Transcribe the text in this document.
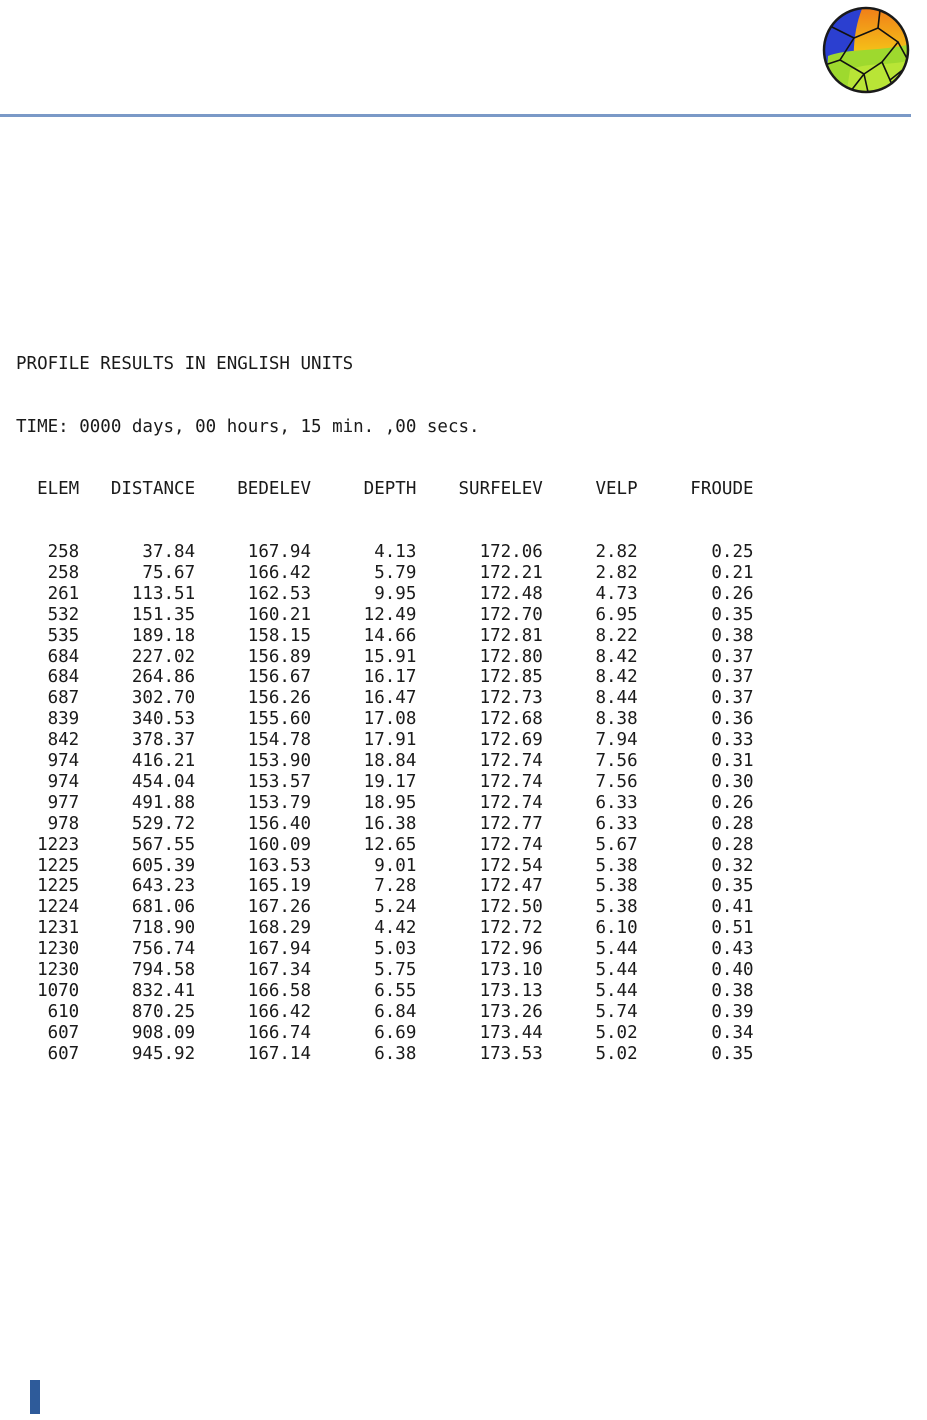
PROFILE RESULTS IN ENGLISH UNITS

TIME: 0000 days, 00 hours, 15 min. ,00 secs.

ELEM   DISTANCE    BEDELEV     DEPTH    SURFELEV     VELP     FROUDE

258      37.84     167.94      4.13      172.06     2.82       0.25
258      75.67     166.42      5.79      172.21     2.82       0.21
261     113.51     162.53      9.95      172.48     4.73       0.26
532     151.35     160.21     12.49      172.70     6.95       0.35
535     189.18     158.15     14.66      172.81     8.22       0.38
684     227.02     156.89     15.91      172.80     8.42       0.37
684     264.86     156.67     16.17      172.85     8.42       0.37
687     302.70     156.26     16.47      172.73     8.44       0.37
839     340.53     155.60     17.08      172.68     8.38       0.36
842     378.37     154.78     17.91      172.69     7.94       0.33
974     416.21     153.90     18.84      172.74     7.56       0.31
974     454.04     153.57     19.17      172.74     7.56       0.30
977     491.88     153.79     18.95      172.74     6.33       0.26
978     529.72     156.40     16.38      172.77     6.33       0.28
1223     567.55     160.09     12.65      172.74     5.67       0.28
1225     605.39     163.53      9.01      172.54     5.38       0.32
1225     643.23     165.19      7.28      172.47     5.38       0.35
1224     681.06     167.26      5.24      172.50     5.38       0.41
1231     718.90     168.29      4.42      172.72     6.10       0.51
1230     756.74     167.94      5.03      172.96     5.44       0.43
1230     794.58     167.34      5.75      173.10     5.44       0.40
1070     832.41     166.58      6.55      173.13     5.44       0.38
610     870.25     166.42      6.84      173.26     5.74       0.39
607     908.09     166.74      6.69      173.44     5.02       0.34
607     945.92     167.14      6.38      173.53     5.02       0.35
